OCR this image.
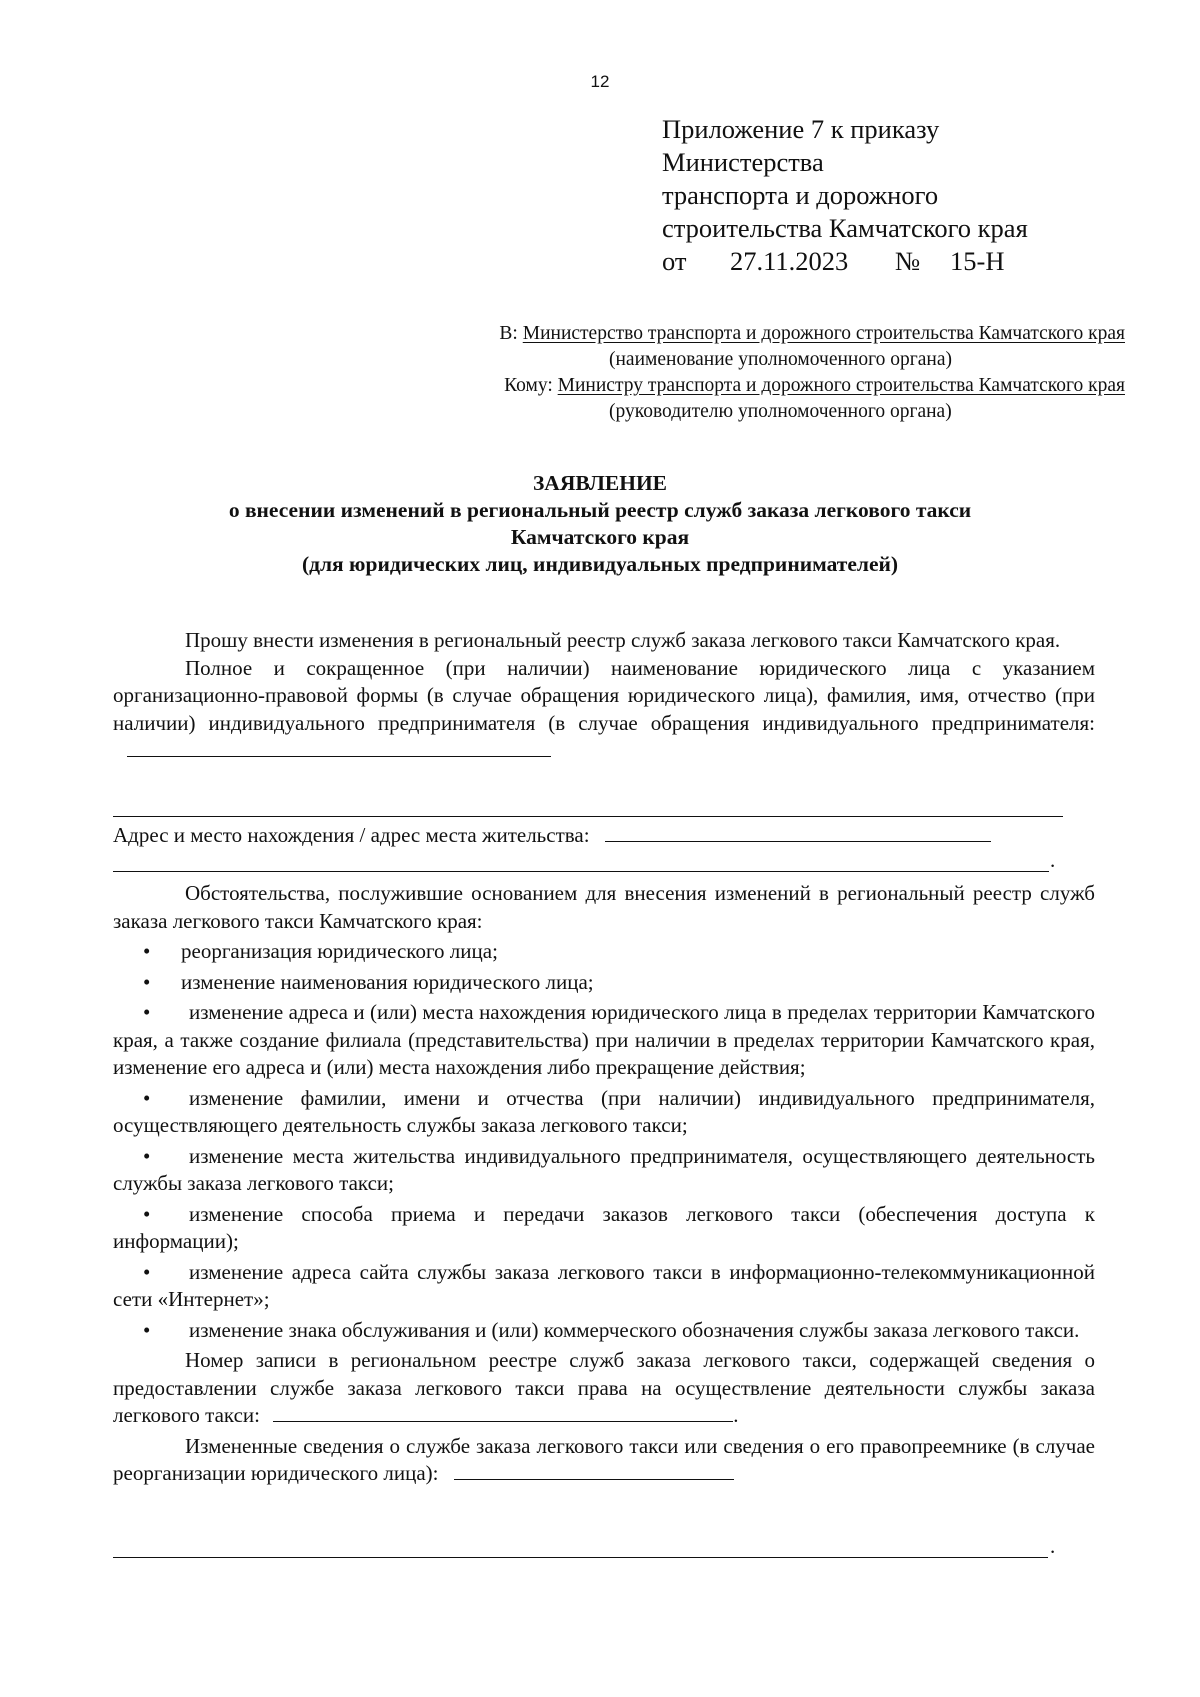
12
Приложение 7 к приказу
Министерства
транспорта и дорожного
строительства Камчатского края
от 27.11.2023 № 15-Н
В: Министерство транспорта и дорожного строительства Камчатского края
(наименование уполномоченного органа)
Кому: Министру транспорта и дорожного строительства Камчатского края
(руководителю уполномоченного органа)
ЗАЯВЛЕНИЕ
о внесении изменений в региональный реестр служб заказа легкового такси
Камчатского края
(для юридических лиц, индивидуальных предпринимателей)

Прошу внести изменения в региональный реестр служб заказа легкового такси Камчатского края.

Полное и сокращенное (при наличии) наименование юридического лица с указанием организационно-правовой формы (в случае обращения юридического лица), фамилия, имя, отчество (при наличии) индивидуального предпринимателя (в случае обращения индивидуального предпринимателя:

Адрес и место нахождения / адрес места жительства:

.

Обстоятельства, послужившие основанием для внесения изменений в региональный реестр служб заказа легкового такси Камчатского края:

• реорганизация юридического лица;

• изменение наименования юридического лица;

• изменение адреса и (или) места нахождения юридического лица в пределах территории Камчатского края, а также создание филиала (представительства) при наличии в пределах территории Камчатского края, изменение его адреса и (или) места нахождения либо прекращение действия;

• изменение фамилии, имени и отчества (при наличии) индивидуального предпринимателя, осуществляющего деятельность службы заказа легкового такси;

• изменение места жительства индивидуального предпринимателя, осуществляющего деятельность службы заказа легкового такси;

• изменение способа приема и передачи заказов легкового такси (обеспечения доступа к информации);

• изменение адреса сайта службы заказа легкового такси в информационно-телекоммуникационной сети «Интернет»;

• изменение знака обслуживания и (или) коммерческого обозначения службы заказа легкового такси.

Номер записи в региональном реестре служб заказа легкового такси, содержащей сведения о предоставлении службе заказа легкового такси права на осуществление деятельности службы заказа легкового такси:	.

Измененные сведения о службе заказа легкового такси или сведения о его правопреемнике (в случае реорганизации юридического лица):

.
